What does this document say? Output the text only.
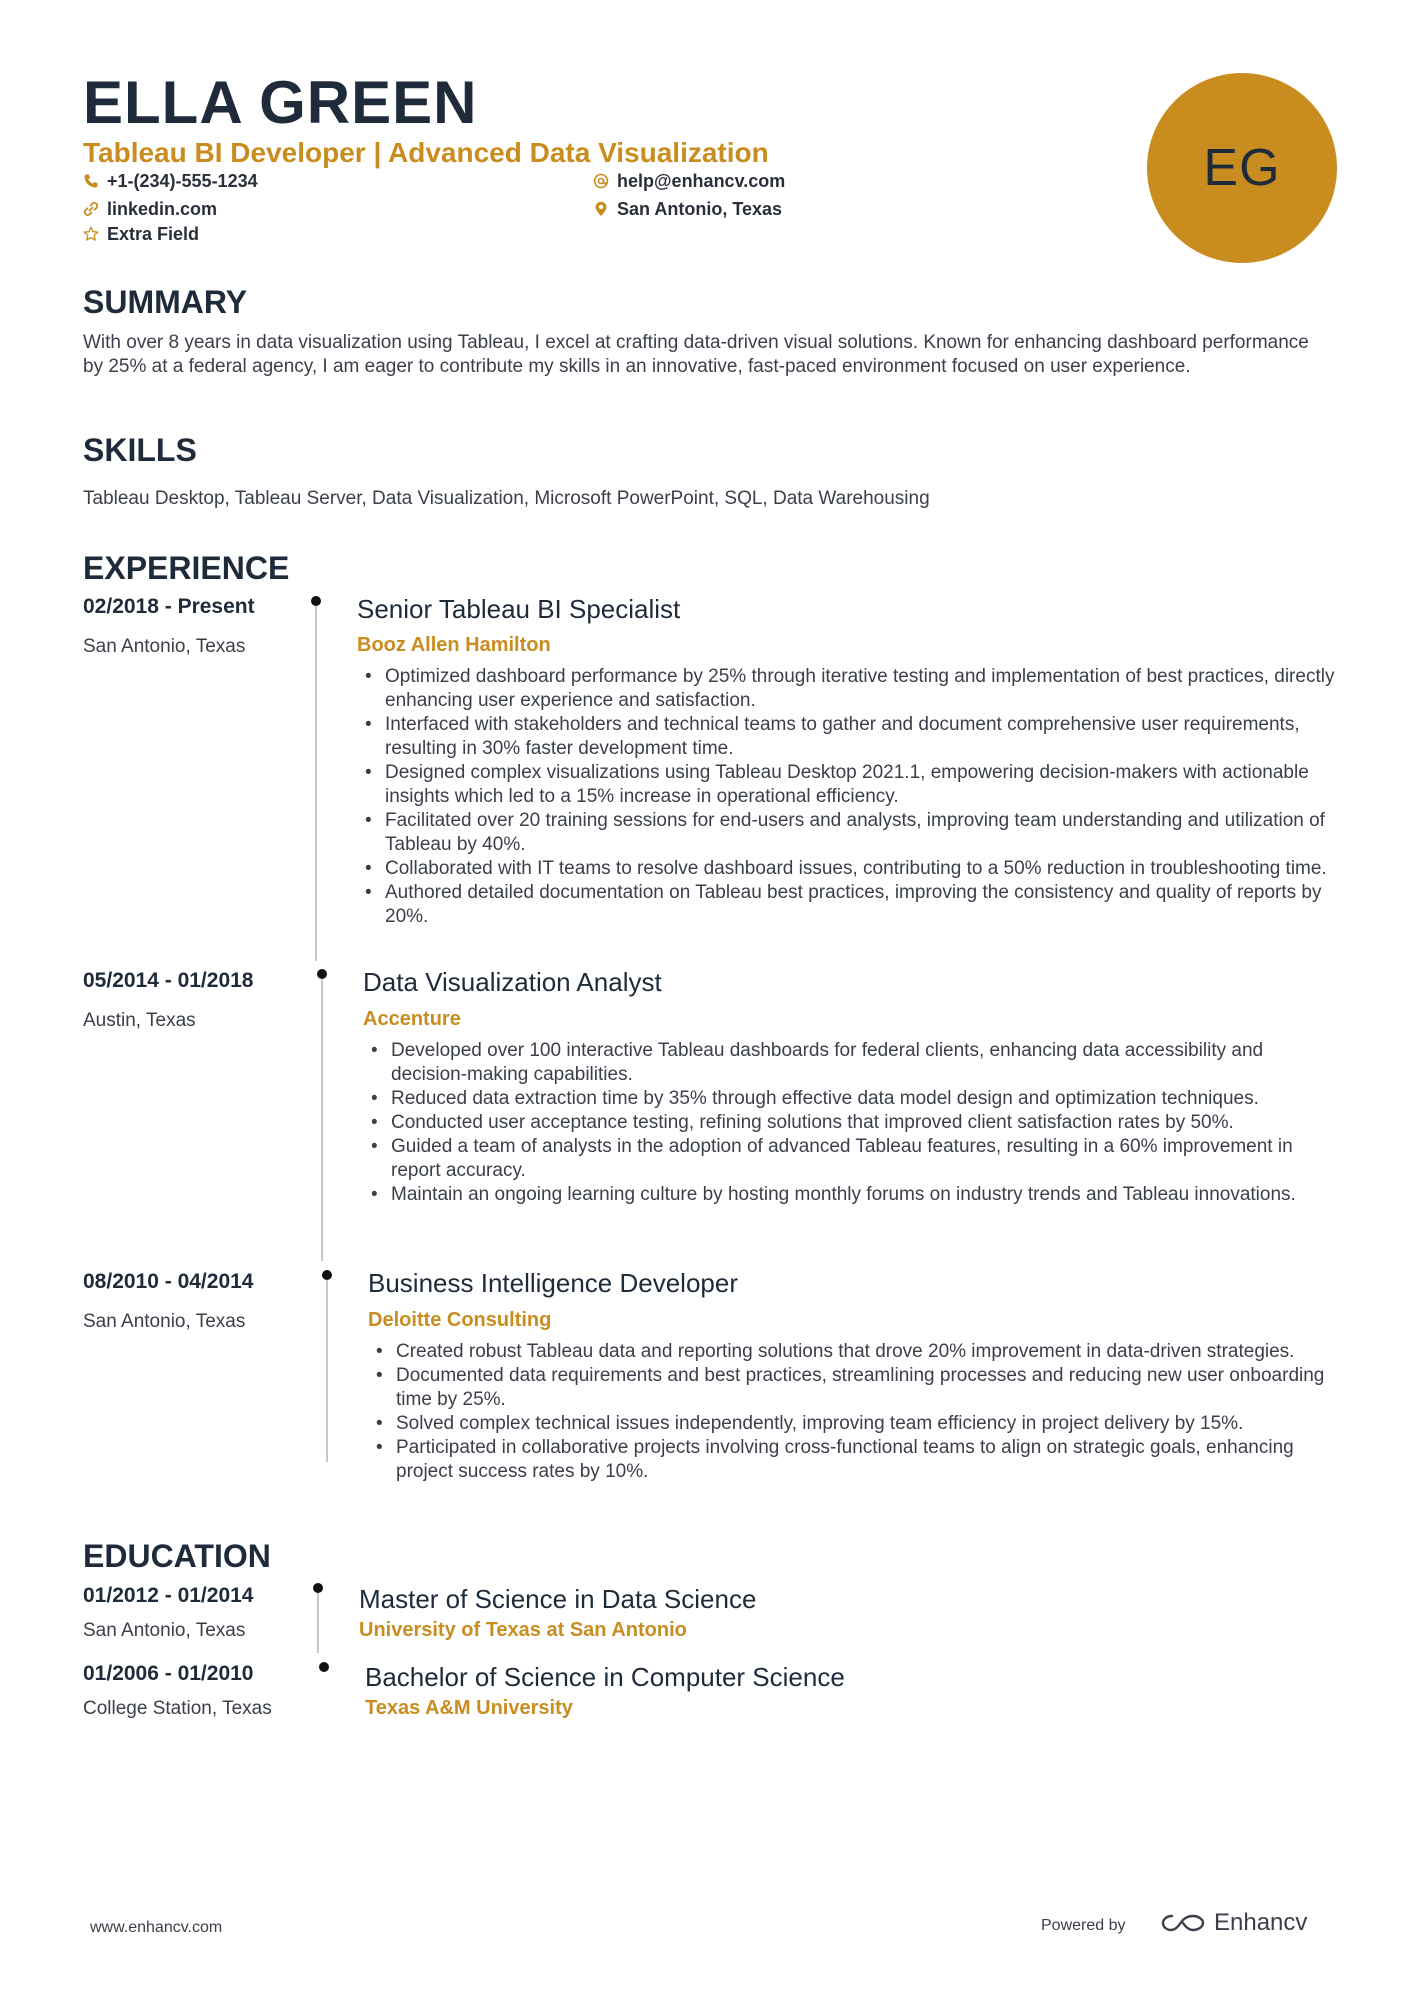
ELLA GREEN
Tableau BI Developer | Advanced Data Visualization
+1-(234)-555-1234	help@enhancv.com
linkedin.com	San Antonio, Texas
Extra Field
EG
SUMMARY
With over 8 years in data visualization using Tableau, I excel at crafting data-driven visual solutions. Known for enhancing dashboard performance by 25% at a federal agency, I am eager to contribute my skills in an innovative, fast-paced environment focused on user experience.
SKILLS
Tableau Desktop, Tableau Server, Data Visualization, Microsoft PowerPoint, SQL, Data Warehousing
EXPERIENCE
02/2018 - Present
San Antonio, Texas
Senior Tableau BI Specialist
Booz Allen Hamilton
• Optimized dashboard performance by 25% through iterative testing and implementation of best practices, directly enhancing user experience and satisfaction.
• Interfaced with stakeholders and technical teams to gather and document comprehensive user requirements, resulting in 30% faster development time.
• Designed complex visualizations using Tableau Desktop 2021.1, empowering decision-makers with actionable insights which led to a 15% increase in operational efficiency.
• Facilitated over 20 training sessions for end-users and analysts, improving team understanding and utilization of Tableau by 40%.
• Collaborated with IT teams to resolve dashboard issues, contributing to a 50% reduction in troubleshooting time.
• Authored detailed documentation on Tableau best practices, improving the consistency and quality of reports by 20%.
05/2014 - 01/2018
Austin, Texas
Data Visualization Analyst
Accenture
• Developed over 100 interactive Tableau dashboards for federal clients, enhancing data accessibility and decision-making capabilities.
• Reduced data extraction time by 35% through effective data model design and optimization techniques.
• Conducted user acceptance testing, refining solutions that improved client satisfaction rates by 50%.
• Guided a team of analysts in the adoption of advanced Tableau features, resulting in a 60% improvement in report accuracy.
• Maintain an ongoing learning culture by hosting monthly forums on industry trends and Tableau innovations.
08/2010 - 04/2014
San Antonio, Texas
Business Intelligence Developer
Deloitte Consulting
• Created robust Tableau data and reporting solutions that drove 20% improvement in data-driven strategies.
• Documented data requirements and best practices, streamlining processes and reducing new user onboarding time by 25%.
• Solved complex technical issues independently, improving team efficiency in project delivery by 15%.
• Participated in collaborative projects involving cross-functional teams to align on strategic goals, enhancing project success rates by 10%.
EDUCATION
01/2012 - 01/2014
San Antonio, Texas
Master of Science in Data Science
University of Texas at San Antonio
01/2006 - 01/2010
College Station, Texas
Bachelor of Science in Computer Science
Texas A&M University
www.enhancv.com	Powered by	Enhancv
